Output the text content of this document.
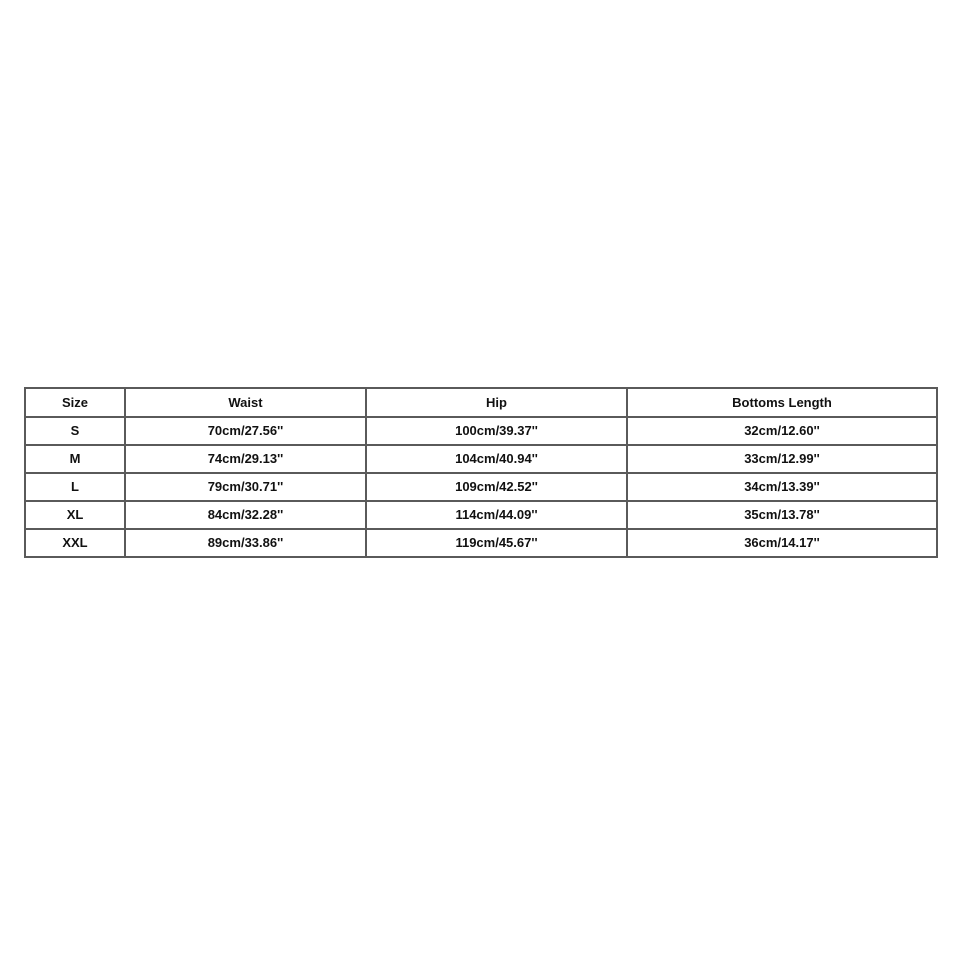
Size	Waist	Hip	Bottoms Length
S	70cm/27.56''	100cm/39.37''	32cm/12.60''
M	74cm/29.13''	104cm/40.94''	33cm/12.99''
L	79cm/30.71''	109cm/42.52''	34cm/13.39''
XL	84cm/32.28''	114cm/44.09''	35cm/13.78''
XXL	89cm/33.86''	119cm/45.67''	36cm/14.17''
